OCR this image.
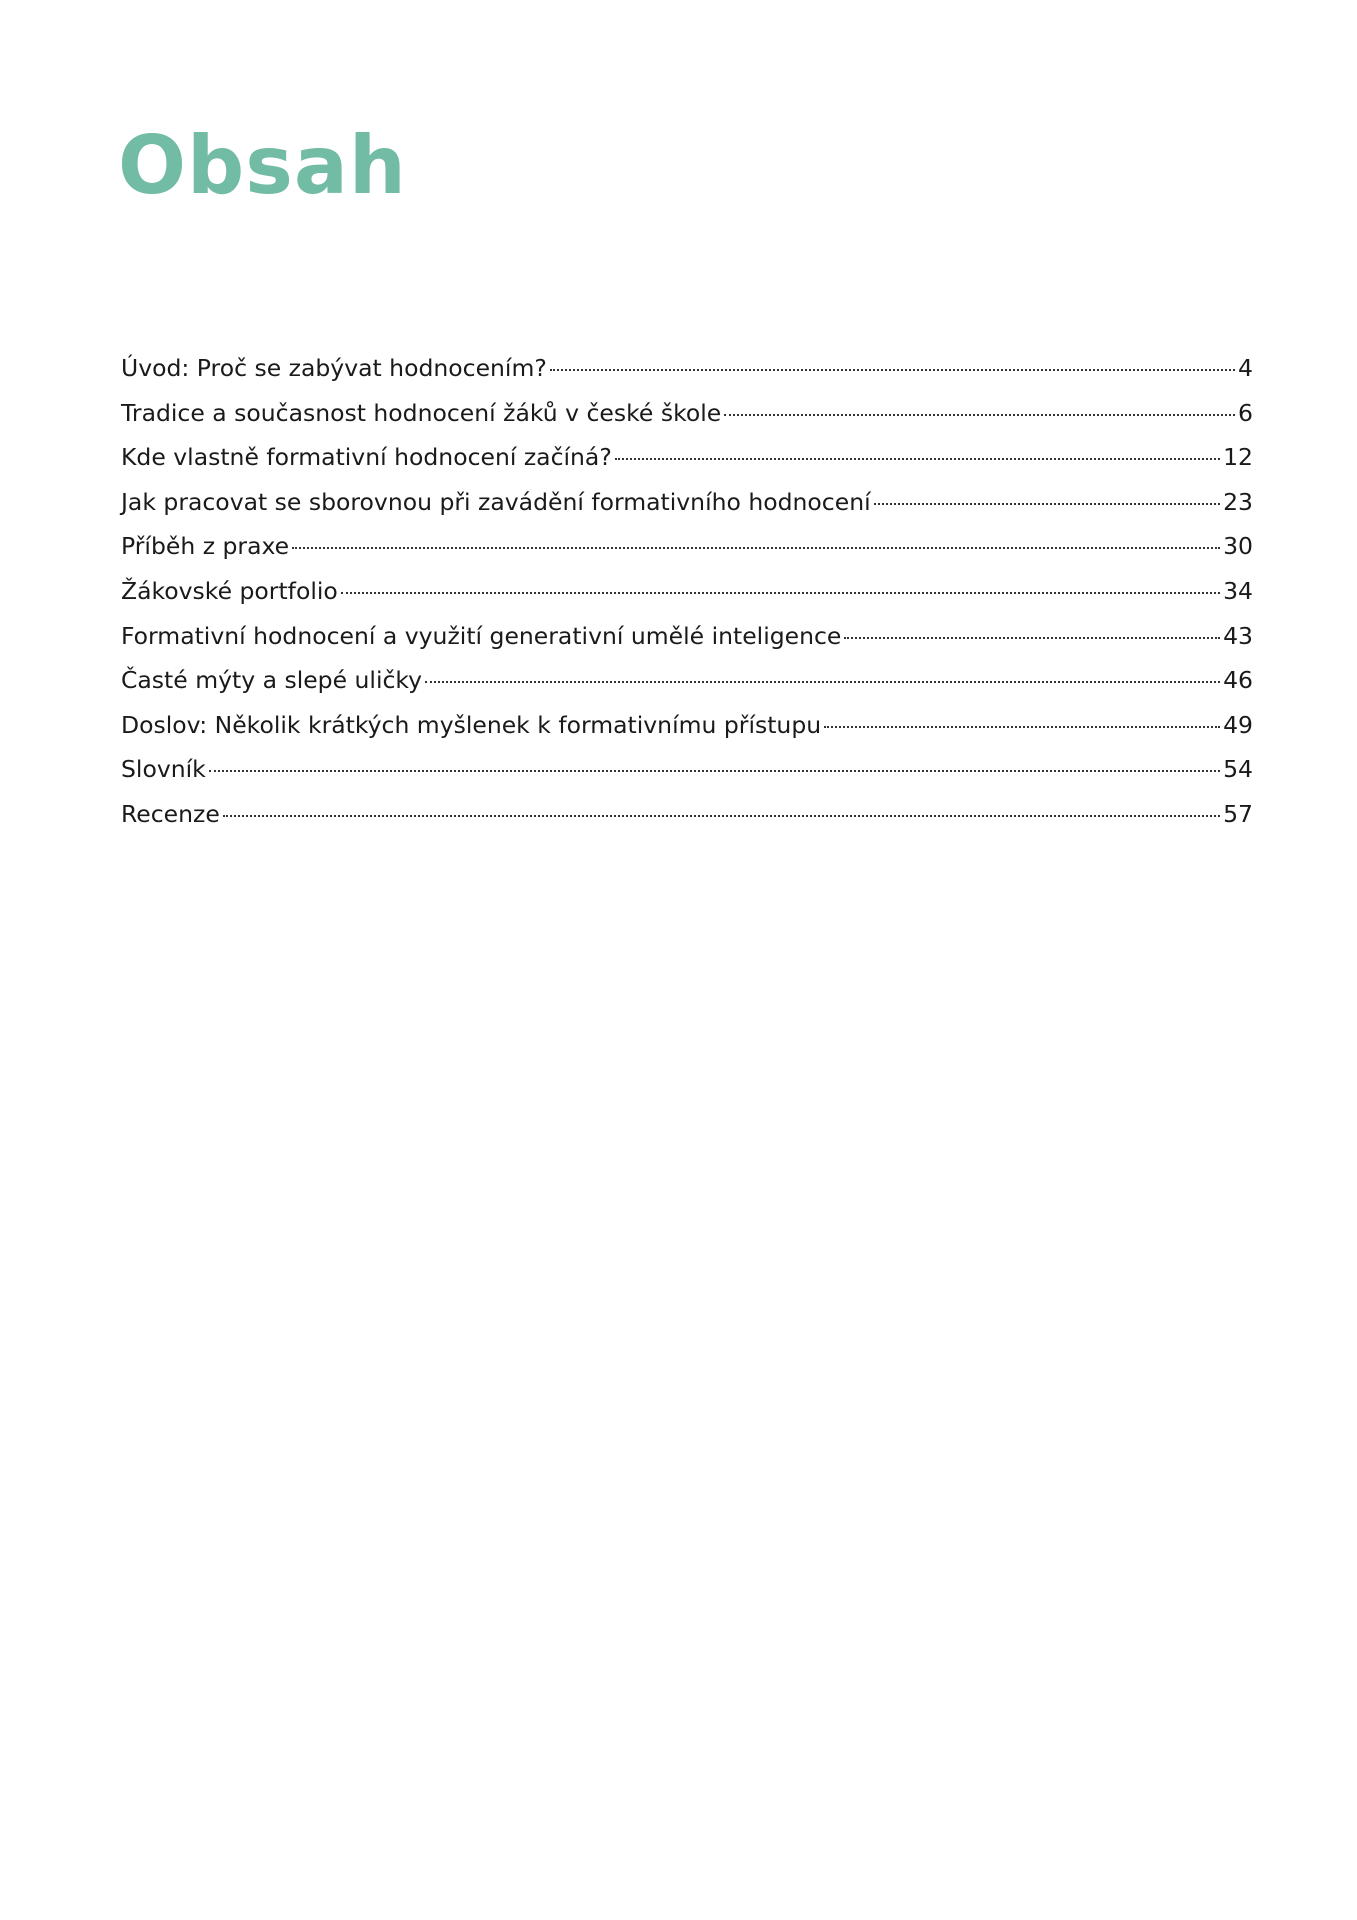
Obsah
Úvod: Proč se zabývat hodnocením?	4
Tradice a současnost hodnocení žáků v české škole	6
Kde vlastně formativní hodnocení začíná?	12
Jak pracovat se sborovnou při zavádění formativního hodnocení	23
Příběh z praxe	30
Žákovské portfolio	34
Formativní hodnocení a využití generativní umělé inteligence	43
Časté mýty a slepé uličky	46
Doslov: Několik krátkých myšlenek k formativnímu přístupu	49
Slovník	54
Recenze	57
